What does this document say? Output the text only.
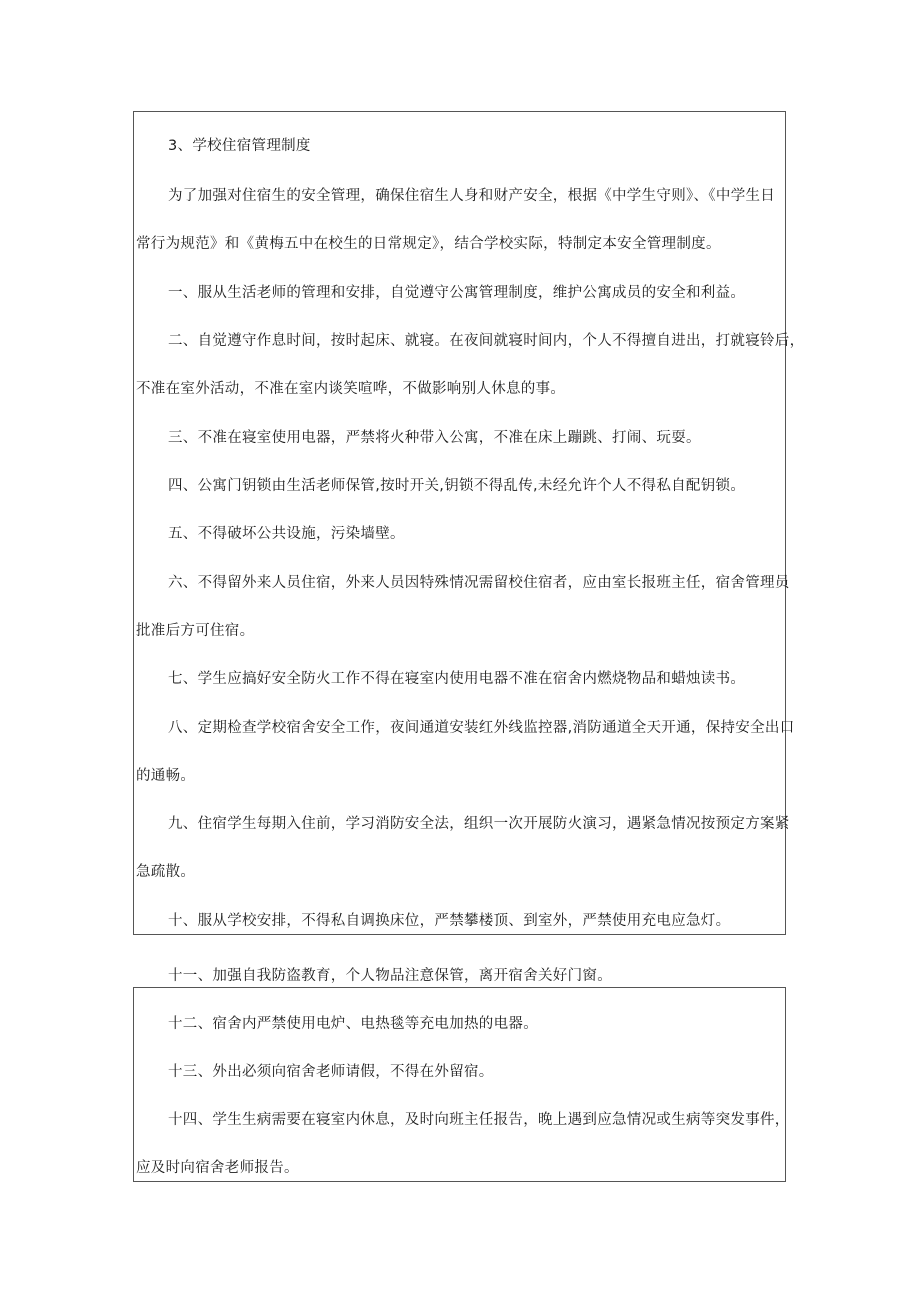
3、学校住宿管理制度
为了加强对住宿生的安全管理，确保住宿生人身和财产安全，根据《中学生守则》、《中学生日
常行为规范》和《黄梅五中在校生的日常规定》，结合学校实际，特制定本安全管理制度。
一、服从生活老师的管理和安排，自觉遵守公寓管理制度，维护公寓成员的安全和利益。
二、自觉遵守作息时间，按时起床、就寝。在夜间就寝时间内，个人不得擅自进出，打就寝铃后，
不准在室外活动，不准在室内谈笑喧哗，不做影响别人休息的事。
三、不准在寝室使用电器，严禁将火种带入公寓，不准在床上蹦跳、打闹、玩耍。
四、公寓门钥锁由生活老师保管,按时开关,钥锁不得乱传,未经允许个人不得私自配钥锁。
五、不得破坏公共设施，污染墙壁。
六、不得留外来人员住宿，外来人员因特殊情况需留校住宿者，应由室长报班主任，宿舍管理员
批准后方可住宿。
七、学生应搞好安全防火工作不得在寝室内使用电器不准在宿舍内燃烧物品和蜡烛读书。
八、定期检查学校宿舍安全工作，夜间通道安装红外线监控器,消防通道全天开通，保持安全出口
的通畅。
九、住宿学生每期入住前，学习消防安全法，组织一次开展防火演习，遇紧急情况按预定方案紧
急疏散。
十、服从学校安排，不得私自调换床位，严禁攀楼顶、到室外，严禁使用充电应急灯。
十一、加强自我防盗教育，个人物品注意保管，离开宿舍关好门窗。
十二、宿舍内严禁使用电炉、电热毯等充电加热的电器。
十三、外出必须向宿舍老师请假，不得在外留宿。
十四、学生生病需要在寝室内休息，及时向班主任报告，晚上遇到应急情况或生病等突发事件，
应及时向宿舍老师报告。
